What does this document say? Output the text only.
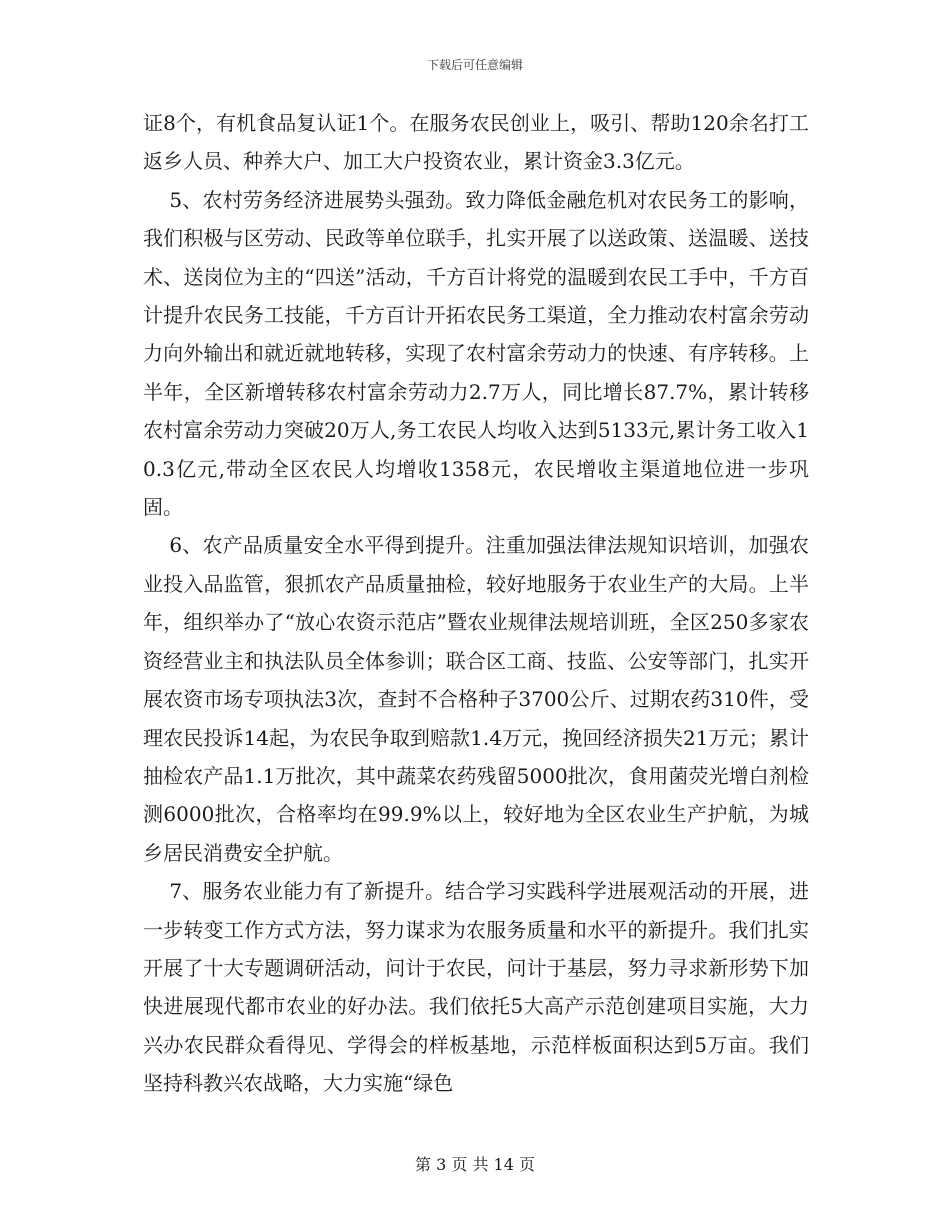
下载后可任意编辑

证8个，有机食品复认证1个。在服务农民创业上，吸引、帮助120余名打工返乡人员、种养大户、加工大户投资农业，累计资金3.3亿元。

5、农村劳务经济进展势头强劲。致力降低金融危机对农民务工的影响，我们积极与区劳动、民政等单位联手，扎实开展了以送政策、送温暖、送技术、送岗位为主的“四送”活动，千方百计将党的温暖到农民工手中，千方百计提升农民务工技能，千方百计开拓农民务工渠道，全力推动农村富余劳动力向外输出和就近就地转移，实现了农村富余劳动力的快速、有序转移。上半年，全区新增转移农村富余劳动力2.7万人，同比增长87.7%，累计转移农村富余劳动力突破20万人,务工农民人均收入达到5133元,累计务工收入10.3亿元,带动全区农民人均增收1358元，农民增收主渠道地位进一步巩固。

6、农产品质量安全水平得到提升。注重加强法律法规知识培训，加强农业投入品监管，狠抓农产品质量抽检，较好地服务于农业生产的大局。上半年，组织举办了“放心农资示范店”暨农业规律法规培训班，全区250多家农资经营业主和执法队员全体参训；联合区工商、技监、公安等部门，扎实开展农资市场专项执法3次，查封不合格种子3700公斤、过期农药310件，受理农民投诉14起，为农民争取到赔款1.4万元，挽回经济损失21万元；累计抽检农产品1.1万批次，其中蔬菜农药残留5000批次，食用菌荧光增白剂检测6000批次，合格率均在99.9%以上，较好地为全区农业生产护航，为城乡居民消费安全护航。

7、服务农业能力有了新提升。结合学习实践科学进展观活动的开展，进一步转变工作方式方法，努力谋求为农服务质量和水平的新提升。我们扎实开展了十大专题调研活动，问计于农民，问计于基层，努力寻求新形势下加快进展现代都市农业的好办法。我们依托5大高产示范创建项目实施，大力兴办农民群众看得见、学得会的样板基地，示范样板面积达到5万亩。我们坚持科教兴农战略，大力实施“绿色

第 3 页 共 14 页
